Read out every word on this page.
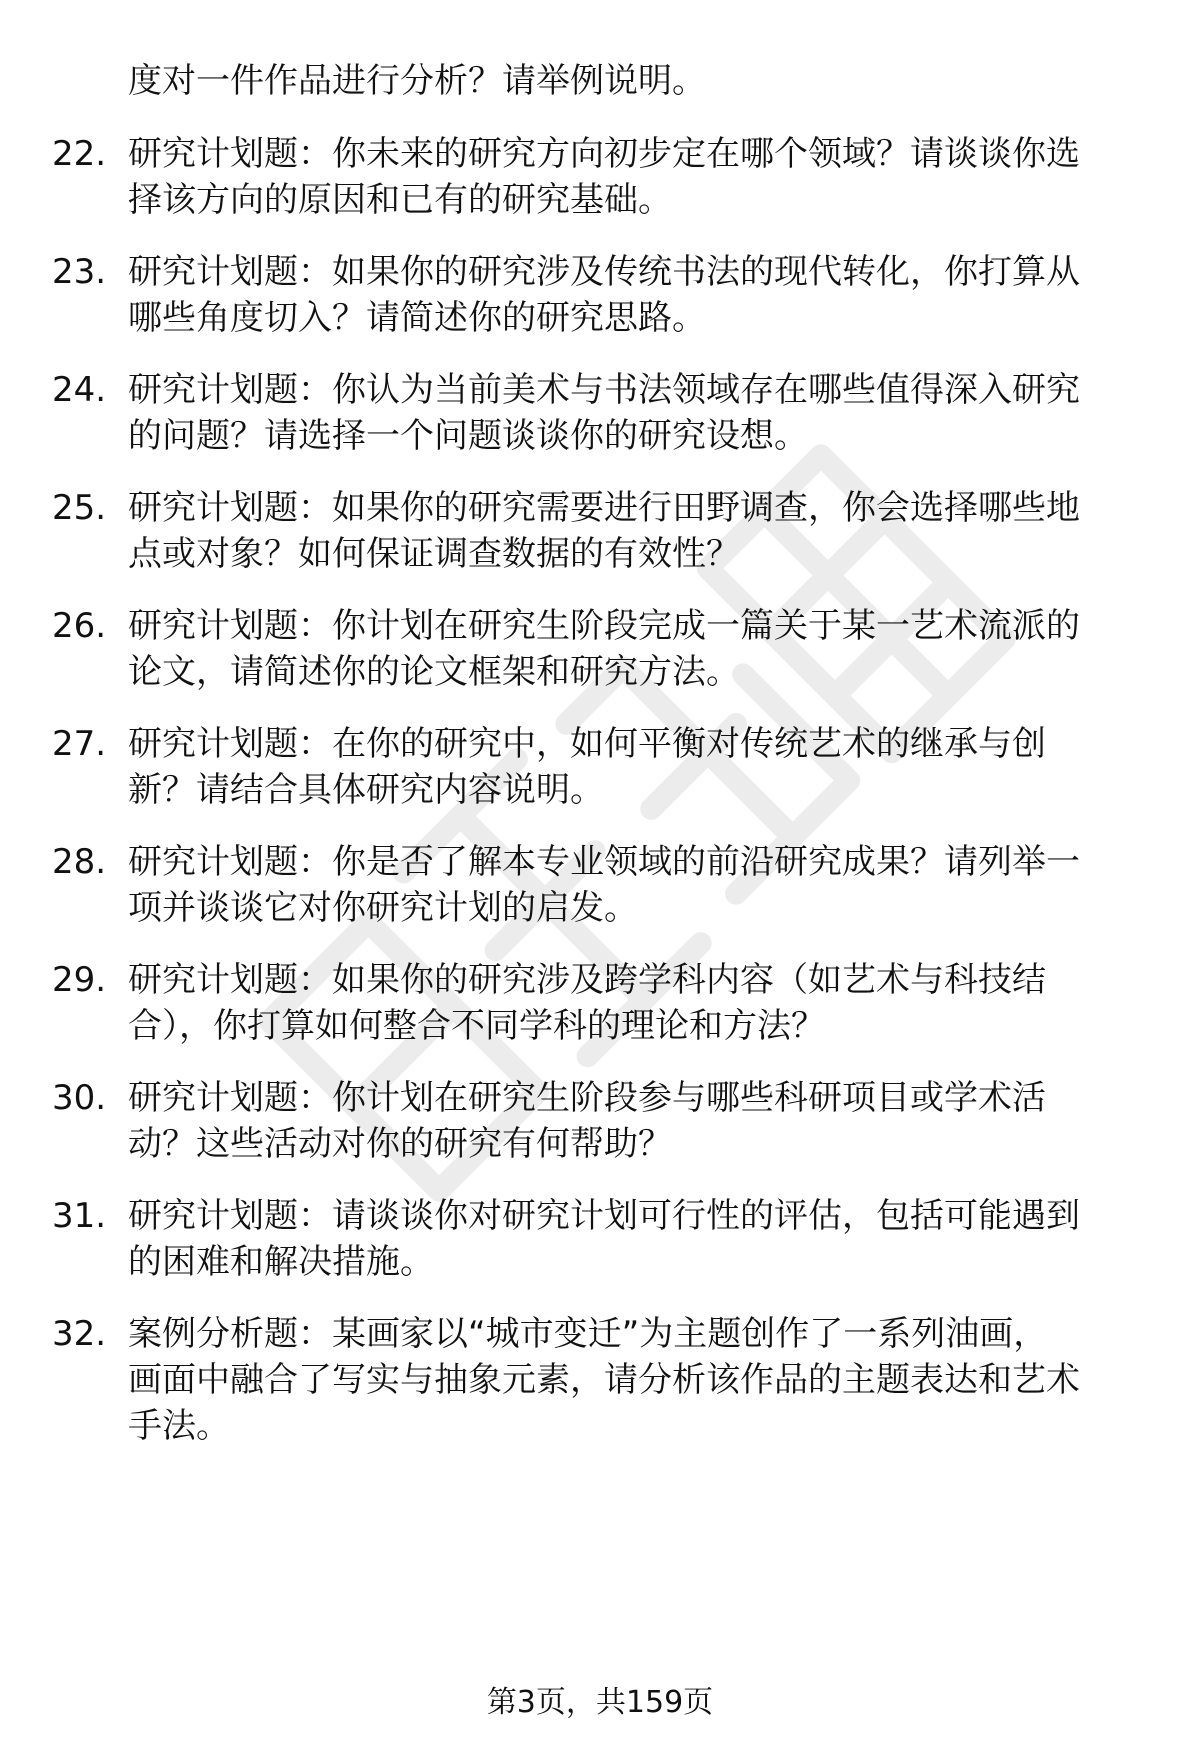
度对一件作品进行分析？请举例说明。
22. 研究计划题：你未来的研究方向初步定在哪个领域？请谈谈你选
择该方向的原因和已有的研究基础。
23. 研究计划题：如果你的研究涉及传统书法的现代转化，你打算从
哪些角度切入？请简述你的研究思路。
24. 研究计划题：你认为当前美术与书法领域存在哪些值得深入研究
的问题？请选择一个问题谈谈你的研究设想。
25. 研究计划题：如果你的研究需要进行田野调查，你会选择哪些地
点或对象？如何保证调查数据的有效性？
26. 研究计划题：你计划在研究生阶段完成一篇关于某一艺术流派的
论文，请简述你的论文框架和研究方法。
27. 研究计划题：在你的研究中，如何平衡对传统艺术的继承与创
新？请结合具体研究内容说明。
28. 研究计划题：你是否了解本专业领域的前沿研究成果？请列举一
项并谈谈它对你研究计划的启发。
29. 研究计划题：如果你的研究涉及跨学科内容（如艺术与科技结
合），你打算如何整合不同学科的理论和方法？
30. 研究计划题：你计划在研究生阶段参与哪些科研项目或学术活
动？这些活动对你的研究有何帮助？
31. 研究计划题：请谈谈你对研究计划可行性的评估，包括可能遇到
的困难和解决措施。
32. 案例分析题：某画家以“城市变迁”为主题创作了一系列油画，
画面中融合了写实与抽象元素，请分析该作品的主题表达和艺术
手法。
第3页，共159页
